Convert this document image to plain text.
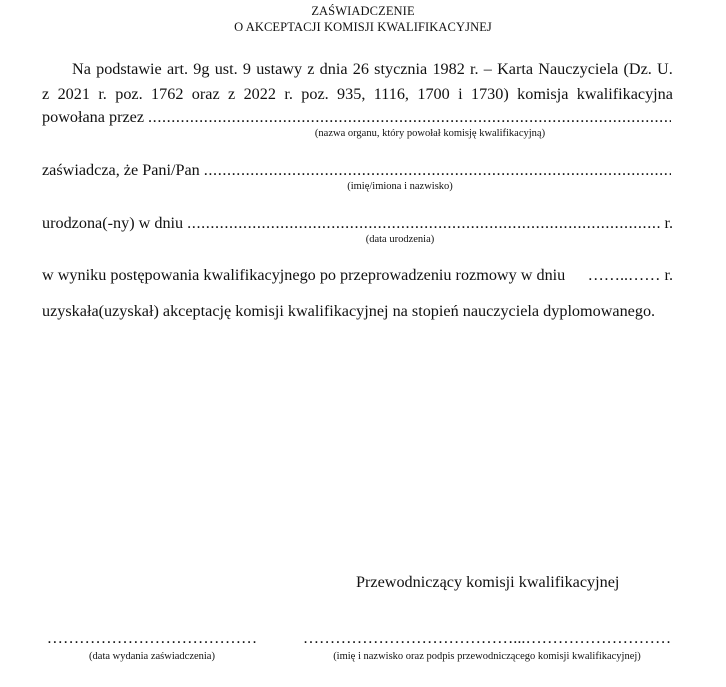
ZAŚWIADCZENIE
O AKCEPTACJI KOMISJI KWALIFIKACYJNEJ
Na podstawie art. 9g ust. 9 ustawy z dnia 26 stycznia 1982 r. – Karta Nauczyciela (Dz. U.
z 2021 r. poz. 1762 oraz z 2022 r. poz. 935, 1116, 1700 i 1730) komisja kwalifikacyjna
powołana przez
.....
(nazwa organu, który powołał komisję kwalifikacyjną)
zaświadcza, że Pani/Pan
.....
(imię/imiona i nazwisko)
urodzona(-ny) w dniu
.....	r.
(data urodzenia)
w wyniku postępowania kwalifikacyjnego po przeprowadzeniu rozmowy w dniu ……..…… r.
uzyskała(uzyskał) akceptację komisji kwalifikacyjnej na stopień nauczyciela dyplomowanego.
Przewodniczący komisji kwalifikacyjnej
…………………………………
(data wydania zaświadczenia)
…………………………………...………………………
(imię i nazwisko oraz podpis przewodniczącego komisji kwalifikacyjnej)
